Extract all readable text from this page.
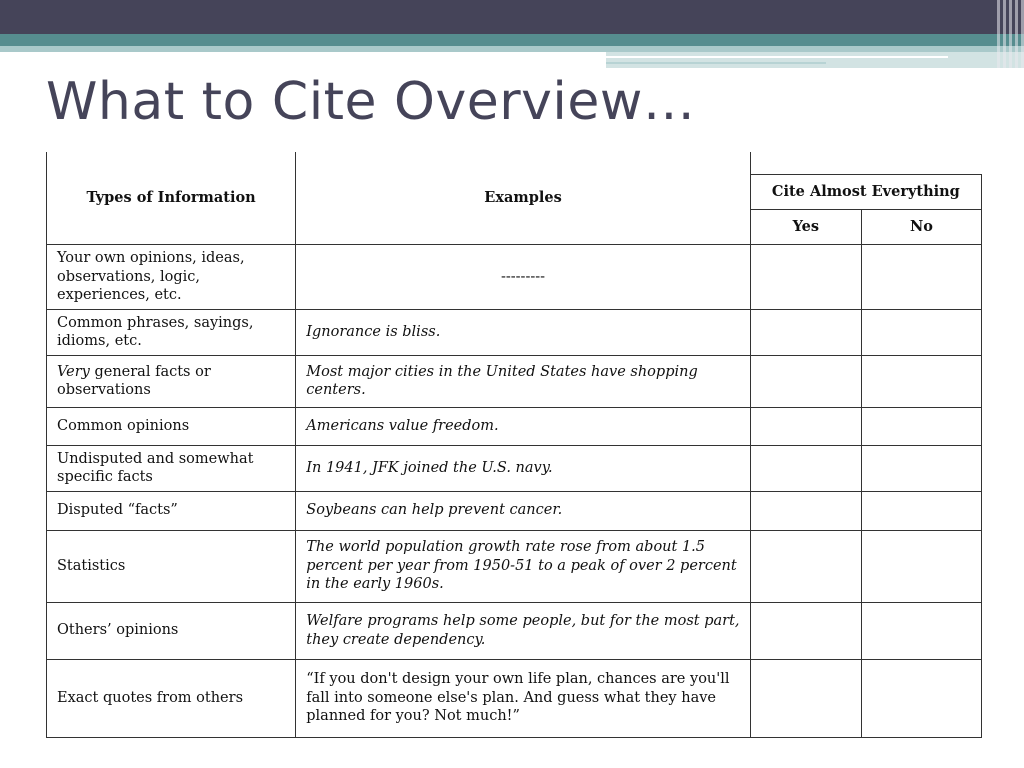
What to Cite Overview…
Types of Information	Examples		
		Cite Almost Everything	
		Yes	No
Your own opinions, ideas, observations, logic, experiences, etc.	---------		
Common phrases, sayings, idioms, etc.	Ignorance is bliss.		
Very general facts or observations	Most major cities in the United States have shopping centers.		
Common opinions	Americans value freedom.		
Undisputed and somewhat specific facts	In 1941, JFK joined the U.S. navy.		
Disputed “facts”	Soybeans can help prevent cancer.		
Statistics	The world population growth rate rose from about 1.5 percent per year from 1950-51 to a peak of over 2 percent in the early 1960s.		
Others’ opinions	Welfare programs help some people, but for the most part, they create dependency.		
Exact quotes from others	“If you don't design your own life plan, chances are you'll fall into someone else's plan. And guess what they have planned for you? Not much!”		
